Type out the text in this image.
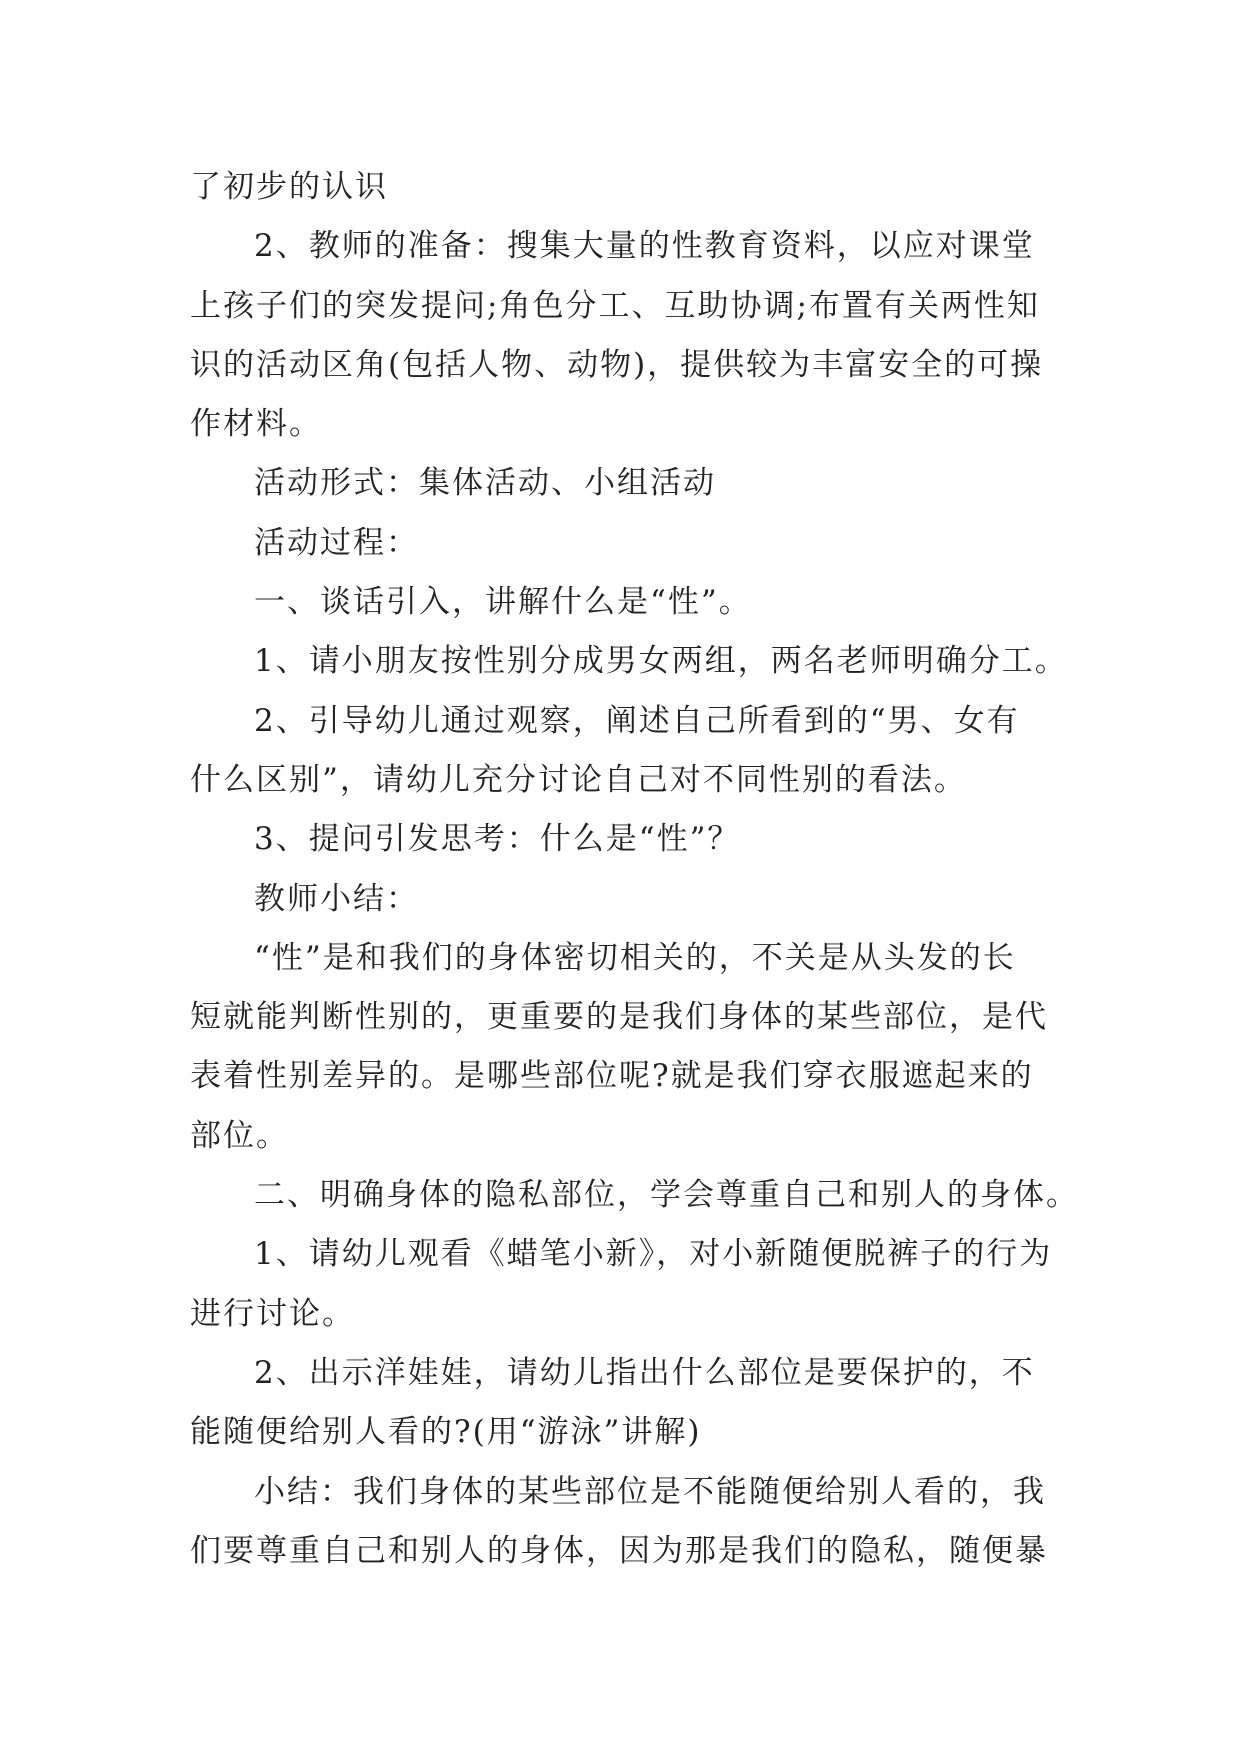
了初步的认识
2、教师的准备：搜集大量的性教育资料，以应对课堂
上孩子们的突发提问;角色分工、互助协调;布置有关两性知
识的活动区角(包括人物、动物)，提供较为丰富安全的可操
作材料。
活动形式：集体活动、小组活动
活动过程：
一、谈话引入，讲解什么是“性”。
1、请小朋友按性别分成男女两组，两名老师明确分工。
2、引导幼儿通过观察，阐述自己所看到的“男、女有
什么区别”，请幼儿充分讨论自己对不同性别的看法。
3、提问引发思考：什么是“性”？
教师小结：
“性”是和我们的身体密切相关的，不关是从头发的长
短就能判断性别的，更重要的是我们身体的某些部位，是代
表着性别差异的。是哪些部位呢?就是我们穿衣服遮起来的
部位。
二、明确身体的隐私部位，学会尊重自己和别人的身体。
1、请幼儿观看《蜡笔小新》，对小新随便脱裤子的行为
进行讨论。
2、出示洋娃娃，请幼儿指出什么部位是要保护的，不
能随便给别人看的?(用“游泳”讲解)
小结：我们身体的某些部位是不能随便给别人看的，我
们要尊重自己和别人的身体，因为那是我们的隐私，随便暴
